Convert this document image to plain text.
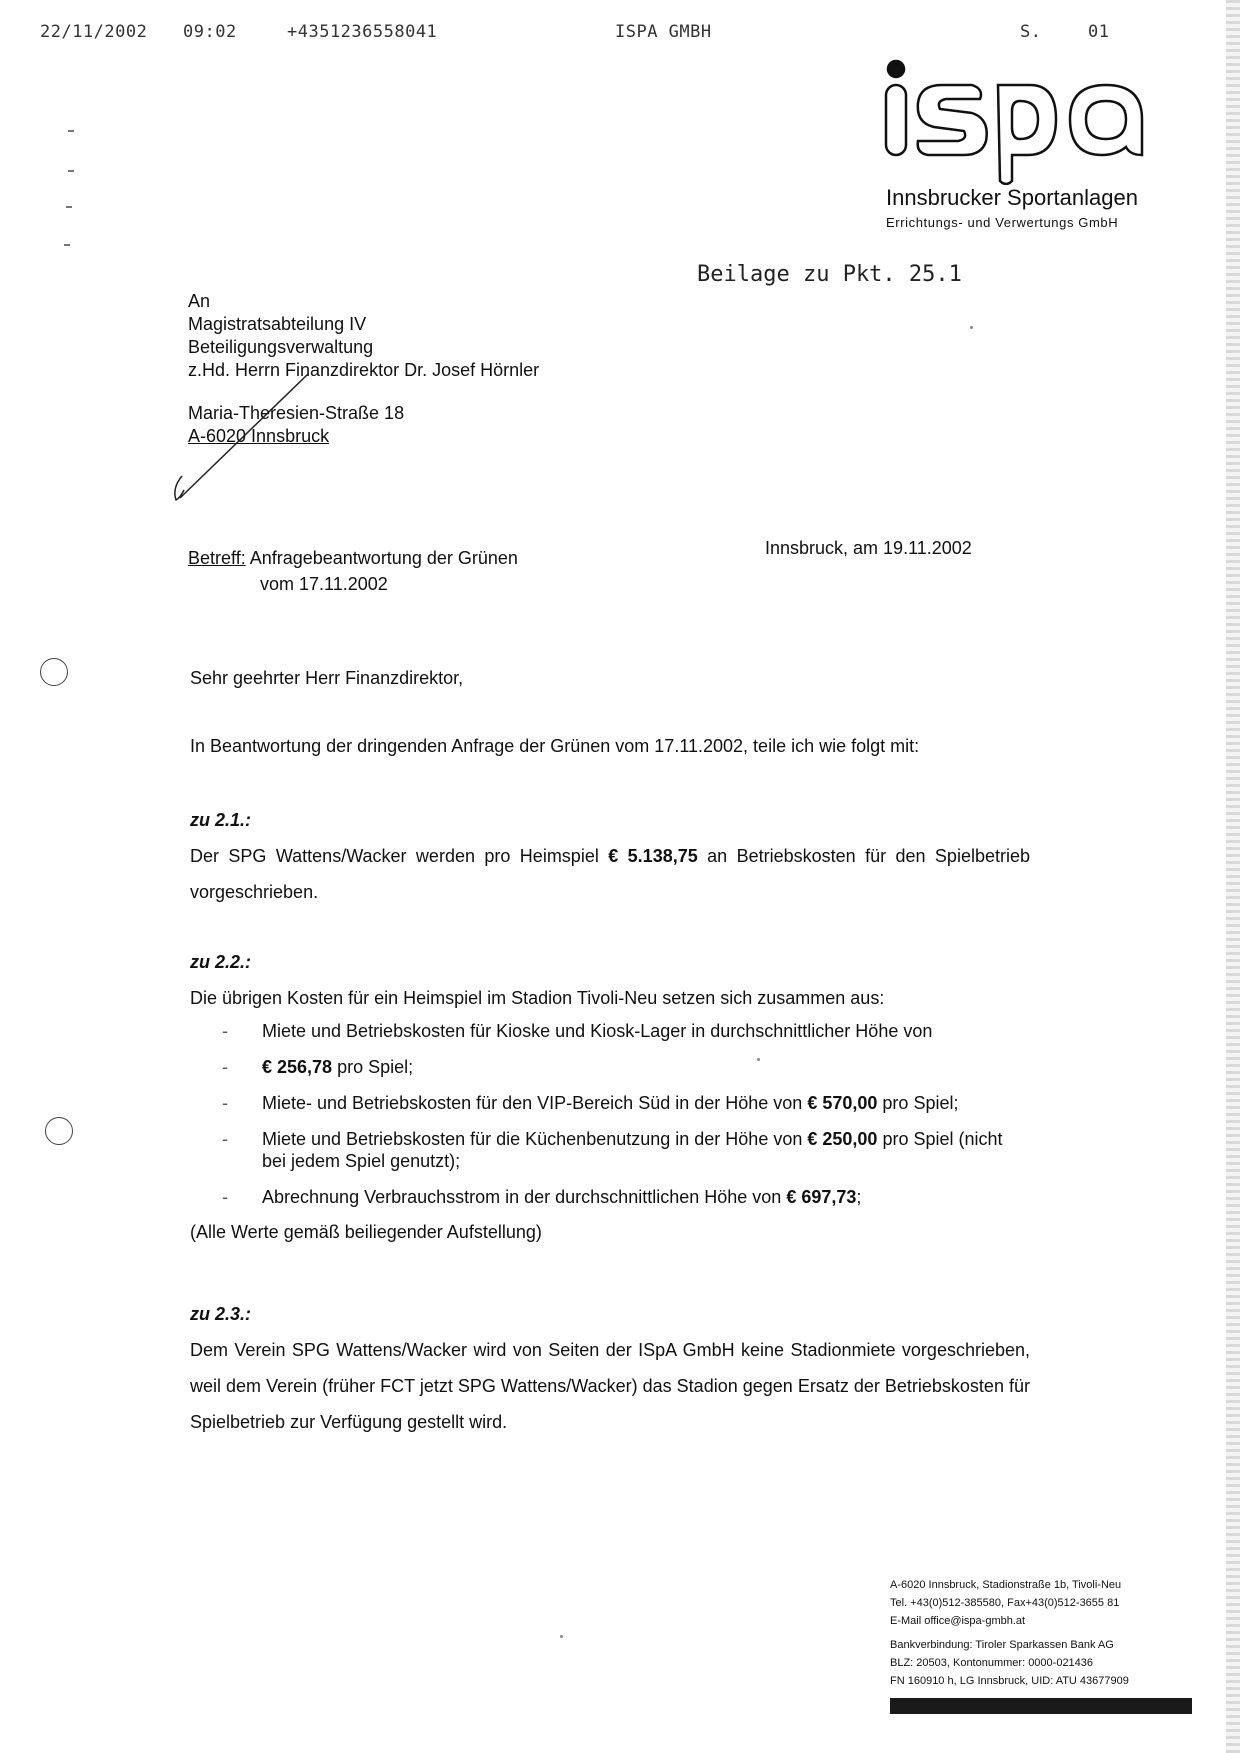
22/11/2002 09:02	+4351236558041	ISPA GMBH	S.	01
Innsbrucker Sportanlagen
Errichtungs- und Verwertungs GmbH
Beilage zu Pkt. 25.1
An
Magistratsabteilung IV
Beteiligungsverwaltung
z.Hd. Herrn Finanzdirektor Dr. Josef Hörnler
Maria-Theresien-Straße 18
A-6020 Innsbruck
Betreff: Anfragebeantwortung der Grünen
vom 17.11.2002
Innsbruck, am 19.11.2002
Sehr geehrter Herr Finanzdirektor,
In Beantwortung der dringenden Anfrage der Grünen vom 17.11.2002, teile ich wie folgt mit:
zu 2.1.:
Der SPG Wattens/Wacker werden pro Heimspiel € 5.138,75 an Betriebskosten für den Spielbetrieb vorgeschrieben.
zu 2.2.:
Die übrigen Kosten für ein Heimspiel im Stadion Tivoli-Neu setzen sich zusammen aus:
- Miete und Betriebskosten für Kioske und Kiosk-Lager in durchschnittlicher Höhe von
- € 256,78 pro Spiel;
- Miete- und Betriebskosten für den VIP-Bereich Süd in der Höhe von € 570,00 pro Spiel;
- Miete und Betriebskosten für die Küchenbenutzung in der Höhe von € 250,00 pro Spiel (nicht bei jedem Spiel genutzt);
- Abrechnung Verbrauchsstrom in der durchschnittlichen Höhe von € 697,73;
(Alle Werte gemäß beiliegender Aufstellung)
zu 2.3.:
Dem Verein SPG Wattens/Wacker wird von Seiten der ISpA GmbH keine Stadionmiete vorgeschrieben, weil dem Verein (früher FCT jetzt SPG Wattens/Wacker) das Stadion gegen Ersatz der Betriebskosten für Spielbetrieb zur Verfügung gestellt wird.
A-6020 Innsbruck, Stadionstraße 1b, Tivoli-Neu
Tel. +43(0)512-385580, Fax+43(0)512-3655 81
E-Mail office@ispa-gmbh.at
Bankverbindung: Tiroler Sparkassen Bank AG
BLZ: 20503, Kontonummer: 0000-021436
FN 160910 h, LG Innsbruck, UID: ATU 43677909
